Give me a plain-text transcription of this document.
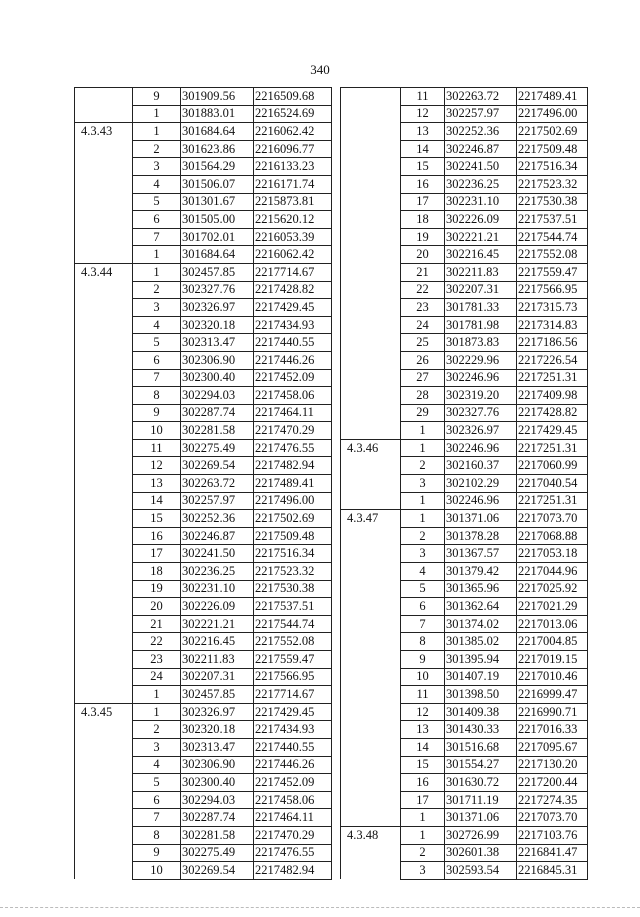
340
	9	301909.56	2216509.68
	1	301883.01	2216524.69
4.3.43	1	301684.64	2216062.42
	2	301623.86	2216096.77
	3	301564.29	2216133.23
	4	301506.07	2216171.74
	5	301301.67	2215873.81
	6	301505.00	2215620.12
	7	301702.01	2216053.39
	1	301684.64	2216062.42
4.3.44	1	302457.85	2217714.67
	2	302327.76	2217428.82
	3	302326.97	2217429.45
	4	302320.18	2217434.93
	5	302313.47	2217440.55
	6	302306.90	2217446.26
	7	302300.40	2217452.09
	8	302294.03	2217458.06
	9	302287.74	2217464.11
	10	302281.58	2217470.29
	11	302275.49	2217476.55
	12	302269.54	2217482.94
	13	302263.72	2217489.41
	14	302257.97	2217496.00
	15	302252.36	2217502.69
	16	302246.87	2217509.48
	17	302241.50	2217516.34
	18	302236.25	2217523.32
	19	302231.10	2217530.38
	20	302226.09	2217537.51
	21	302221.21	2217544.74
	22	302216.45	2217552.08
	23	302211.83	2217559.47
	24	302207.31	2217566.95
	1	302457.85	2217714.67
4.3.45	1	302326.97	2217429.45
	2	302320.18	2217434.93
	3	302313.47	2217440.55
	4	302306.90	2217446.26
	5	302300.40	2217452.09
	6	302294.03	2217458.06
	7	302287.74	2217464.11
	8	302281.58	2217470.29
	9	302275.49	2217476.55
	10	302269.54	2217482.94
	11	302263.72	2217489.41
	12	302257.97	2217496.00
	13	302252.36	2217502.69
	14	302246.87	2217509.48
	15	302241.50	2217516.34
	16	302236.25	2217523.32
	17	302231.10	2217530.38
	18	302226.09	2217537.51
	19	302221.21	2217544.74
	20	302216.45	2217552.08
	21	302211.83	2217559.47
	22	302207.31	2217566.95
	23	301781.33	2217315.73
	24	301781.98	2217314.83
	25	301873.83	2217186.56
	26	302229.96	2217226.54
	27	302246.96	2217251.31
	28	302319.20	2217409.98
	29	302327.76	2217428.82
	1	302326.97	2217429.45
4.3.46	1	302246.96	2217251.31
	2	302160.37	2217060.99
	3	302102.29	2217040.54
	1	302246.96	2217251.31
4.3.47	1	301371.06	2217073.70
	2	301378.28	2217068.88
	3	301367.57	2217053.18
	4	301379.42	2217044.96
	5	301365.96	2217025.92
	6	301362.64	2217021.29
	7	301374.02	2217013.06
	8	301385.02	2217004.85
	9	301395.94	2217019.15
	10	301407.19	2217010.46
	11	301398.50	2216999.47
	12	301409.38	2216990.71
	13	301430.33	2217016.33
	14	301516.68	2217095.67
	15	301554.27	2217130.20
	16	301630.72	2217200.44
	17	301711.19	2217274.35
	1	301371.06	2217073.70
4.3.48	1	302726.99	2217103.76
	2	302601.38	2216841.47
	3	302593.54	2216845.31
